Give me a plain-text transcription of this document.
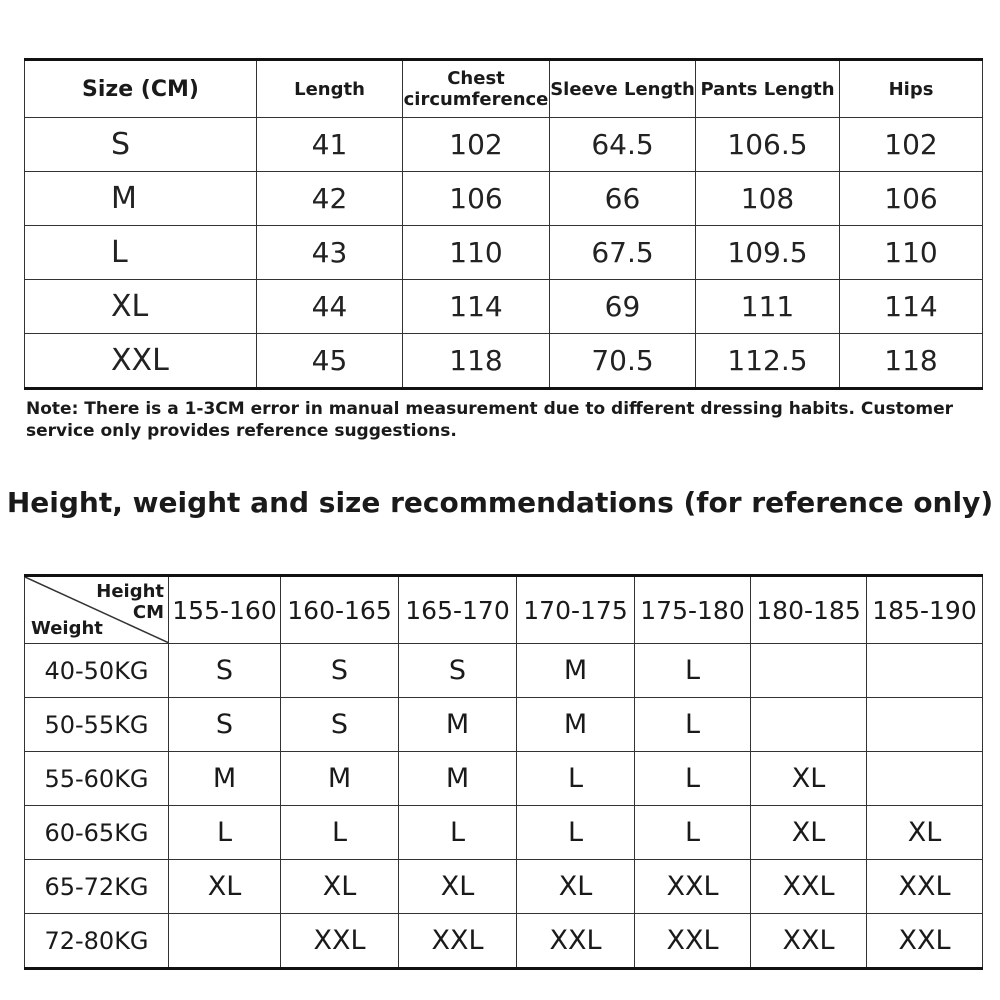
Size (CM)	Length	Chest circumference	Sleeve Length	Pants Length	Hips
S	41	102	64.5	106.5	102
M	42	106	66	108	106
L	43	110	67.5	109.5	110
XL	44	114	69	111	114
XXL	45	118	70.5	112.5	118
Note: There is a 1-3CM error in manual measurement due to different dressing habits. Customer service only provides reference suggestions.
Height, weight and size recommendations (for reference only)
Height
CM
Weight	155-160	160-165	165-170	170-175	175-180	180-185	185-190
40-50KG	S	S	S	M	L		
50-55KG	S	S	M	M	L		
55-60KG	M	M	M	L	L	XL	
60-65KG	L	L	L	L	L	XL	XL
65-72KG	XL	XL	XL	XL	XXL	XXL	XXL
72-80KG		XXL	XXL	XXL	XXL	XXL	XXL
